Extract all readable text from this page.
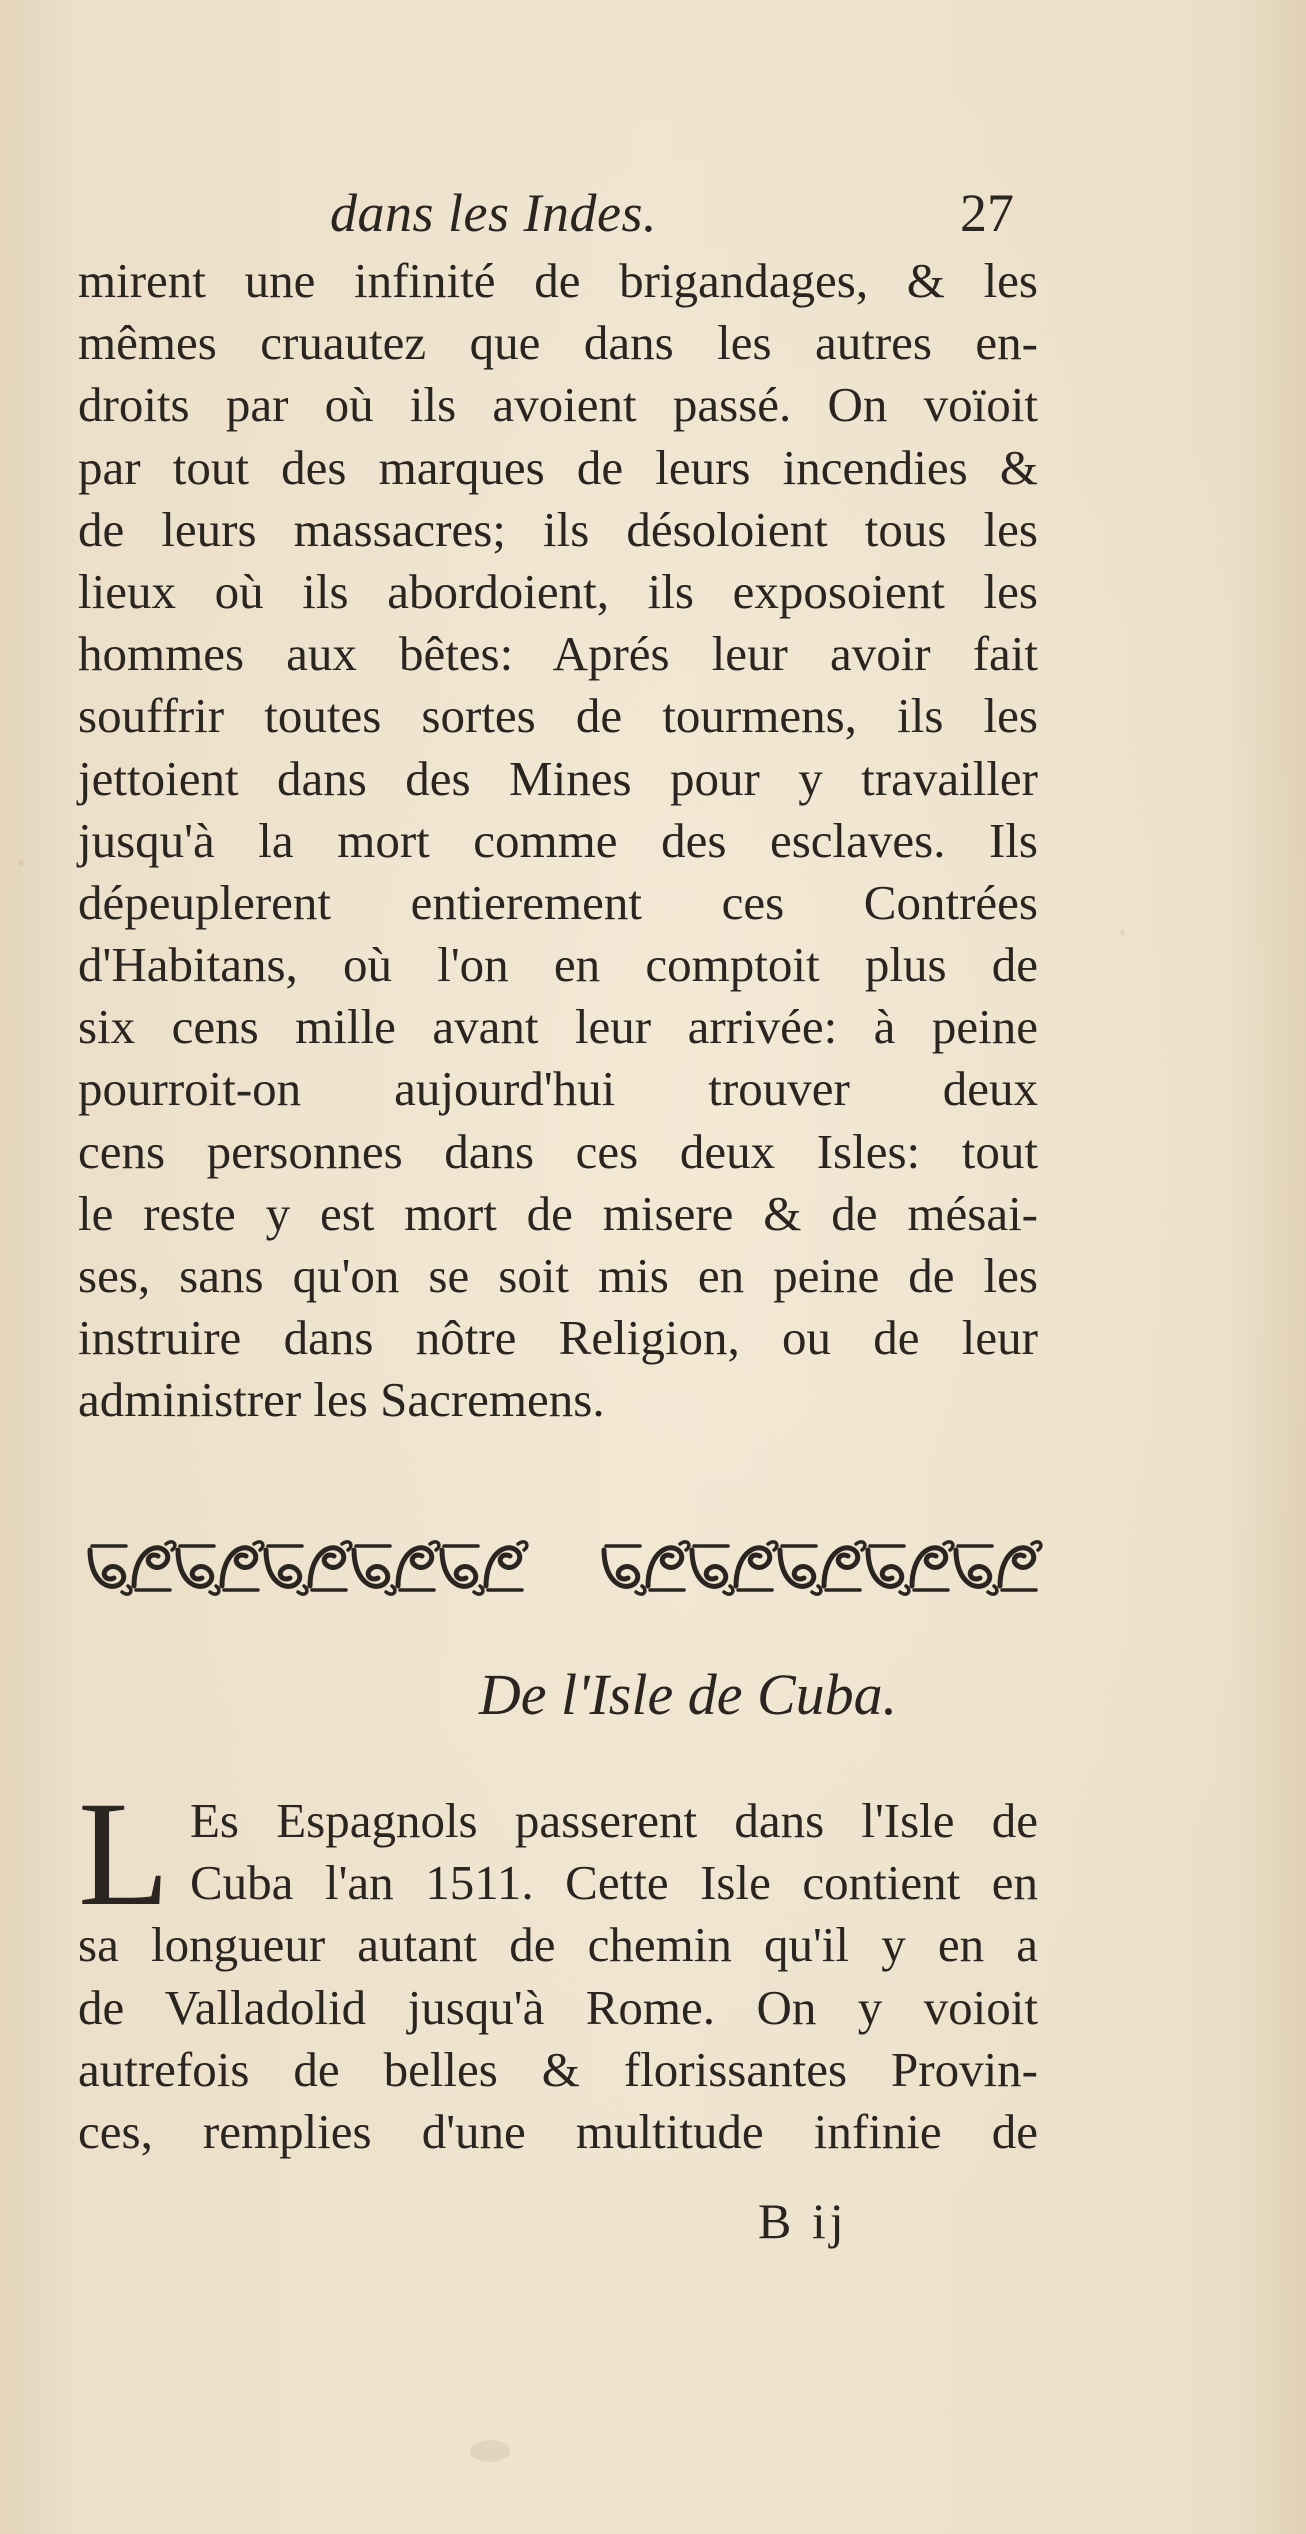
dans les Indes.	27
mirent une infinité de brigandages, & les
mêmes cruautez que dans les autres en-
droits par où ils avoient passé. On voïoit
par tout des marques de leurs incendies &
de leurs massacres; ils désoloient tous les
lieux où ils abordoient, ils exposoient les
hommes aux bêtes: Aprés leur avoir fait
souffrir toutes sortes de tourmens, ils les
jettoient dans des Mines pour y travailler
jusqu'à la mort comme des esclaves. Ils
dépeuplerent entierement ces Contrées
d'Habitans, où l'on en comptoit plus de
six cens mille avant leur arrivée: à peine
pourroit-on aujourd'hui trouver deux
cens personnes dans ces deux Isles: tout
le reste y est mort de misere & de mésai-
ses, sans qu'on se soit mis en peine de les
instruire dans nôtre Religion, ou de leur
administrer les Sacremens.
De l'Isle de Cuba.
L Es Espagnols passerent dans l'Isle de
Cuba l'an 1511. Cette Isle contient en
sa longueur autant de chemin qu'il y en a
de Valladolid jusqu'à Rome. On y voioit
autrefois de belles & florissantes Provin-
ces, remplies d'une multitude infinie de
B ij
